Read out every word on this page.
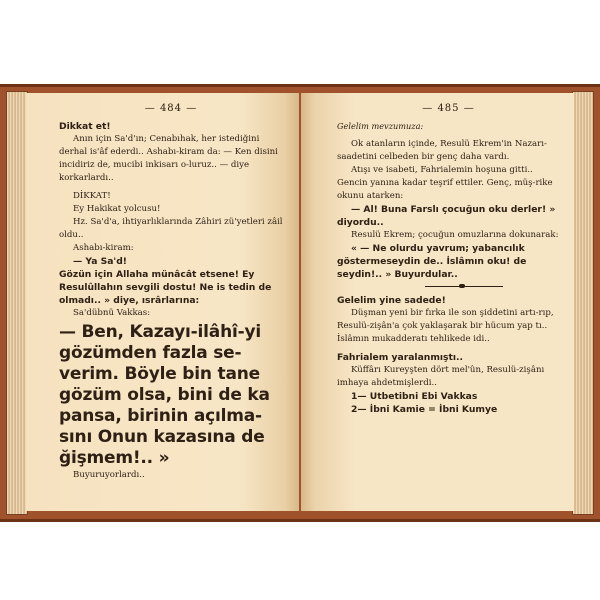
— 484 —

Dikkat et!

Anın için Sa'd'ın; Cenabıhak, her istediğini derhal is'âf ederdi.. Ashabı-kiram da: — Ken disini incidiriz de, mucibi inkisarı o-luruz.. — diye korkarlardı..

DİKKAT!

Ey Hakikat yolcusu!

Hz. Sa'd'a, ihtiyarlıklarında Zâhiri zü'yetleri zâil oldu..

Ashabı-kiram:

— Ya Sa'd!

Gözün için Allaha münâcât etsene! Ey Resulûllahın sevgili dostu! Ne is tedin de olmadı.. » diye, ısrârlarına:

Sa'dübnü Vakkas:

— Ben, Kazayı-ilâhî-yi gözümden fazla se-verim. Böyle bin tane gözüm olsa, bini de ka pansa, birinin açılma-sını Onun kazasına de ğişmem!.. »

Buyuruyorlardı..

— 485 —

Gelelim mevzumuza:

Ok atanların içinde, Resulü Ekrem'in Nazarı-saadetini celbeden bir genç daha vardı.

Atışı ve isabeti, Fahrialemin hoşuna gitti.. Gencin yanına kadar teşrif ettiler. Genç, müş-rike okunu atarken:

— Al! Buna Farslı çocuğun oku derler! » diyordu..

Resulü Ekrem; çocuğun omuzlarına dokunarak:

« — Ne olurdu yavrum; yabancılık göstermeseydin de.. İslâmın oku! de seydin!.. » Buyurdular..

Gelelim yine sadede!

Düşman yeni bir fırka ile son şiddetini artı-rıp, Resulü-zişân'a çok yaklaşarak bir hücum yap tı.. İslâmın mukadderatı tehlikede idi..

Fahrialem yaralanmıştı..

Küffârı Kureyşten dört mel'ûn, Resulü-zişânı imhaya ahdetmişlerdi..

1— Utbetibni Ebi Vakkas

2— İbni Kamie = İbni Kumye
